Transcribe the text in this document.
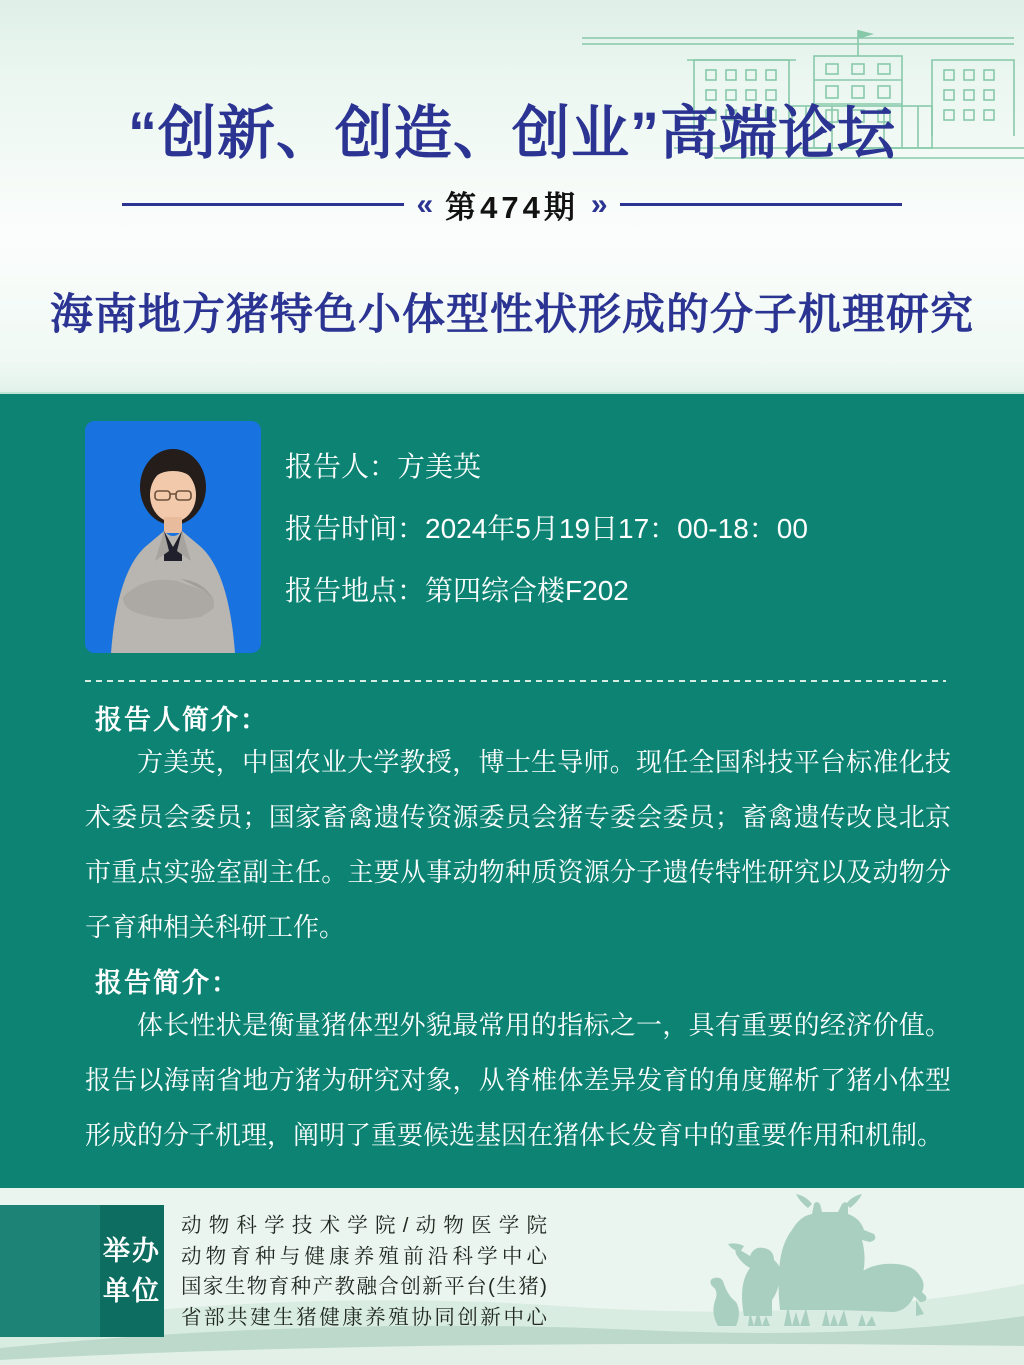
“创新、创造、创业”高端论坛
« 第474期 »
海南地方猪特色小体型性状形成的分子机理研究
报告人：方美英
报告时间：2024年5月19日17：00-18：00
报告地点：第四综合楼F202
报告人简介：
方美英，中国农业大学教授，博士生导师。现任全国科技平台标准化技术委员会委员；国家畜禽遗传资源委员会猪专委会委员；畜禽遗传改良北京市重点实验室副主任。主要从事动物种质资源分子遗传特性研究以及动物分子育种相关科研工作。
报告简介：
体长性状是衡量猪体型外貌最常用的指标之一，具有重要的经济价值。报告以海南省地方猪为研究对象，从脊椎体差异发育的角度解析了猪小体型形成的分子机理，阐明了重要候选基因在猪体长发育中的重要作用和机制。
举办
单位
动物科学技术学院/动物医学院
动物育种与健康养殖前沿科学中心
国家生物育种产教融合创新平台(生猪)
省部共建生猪健康养殖协同创新中心
